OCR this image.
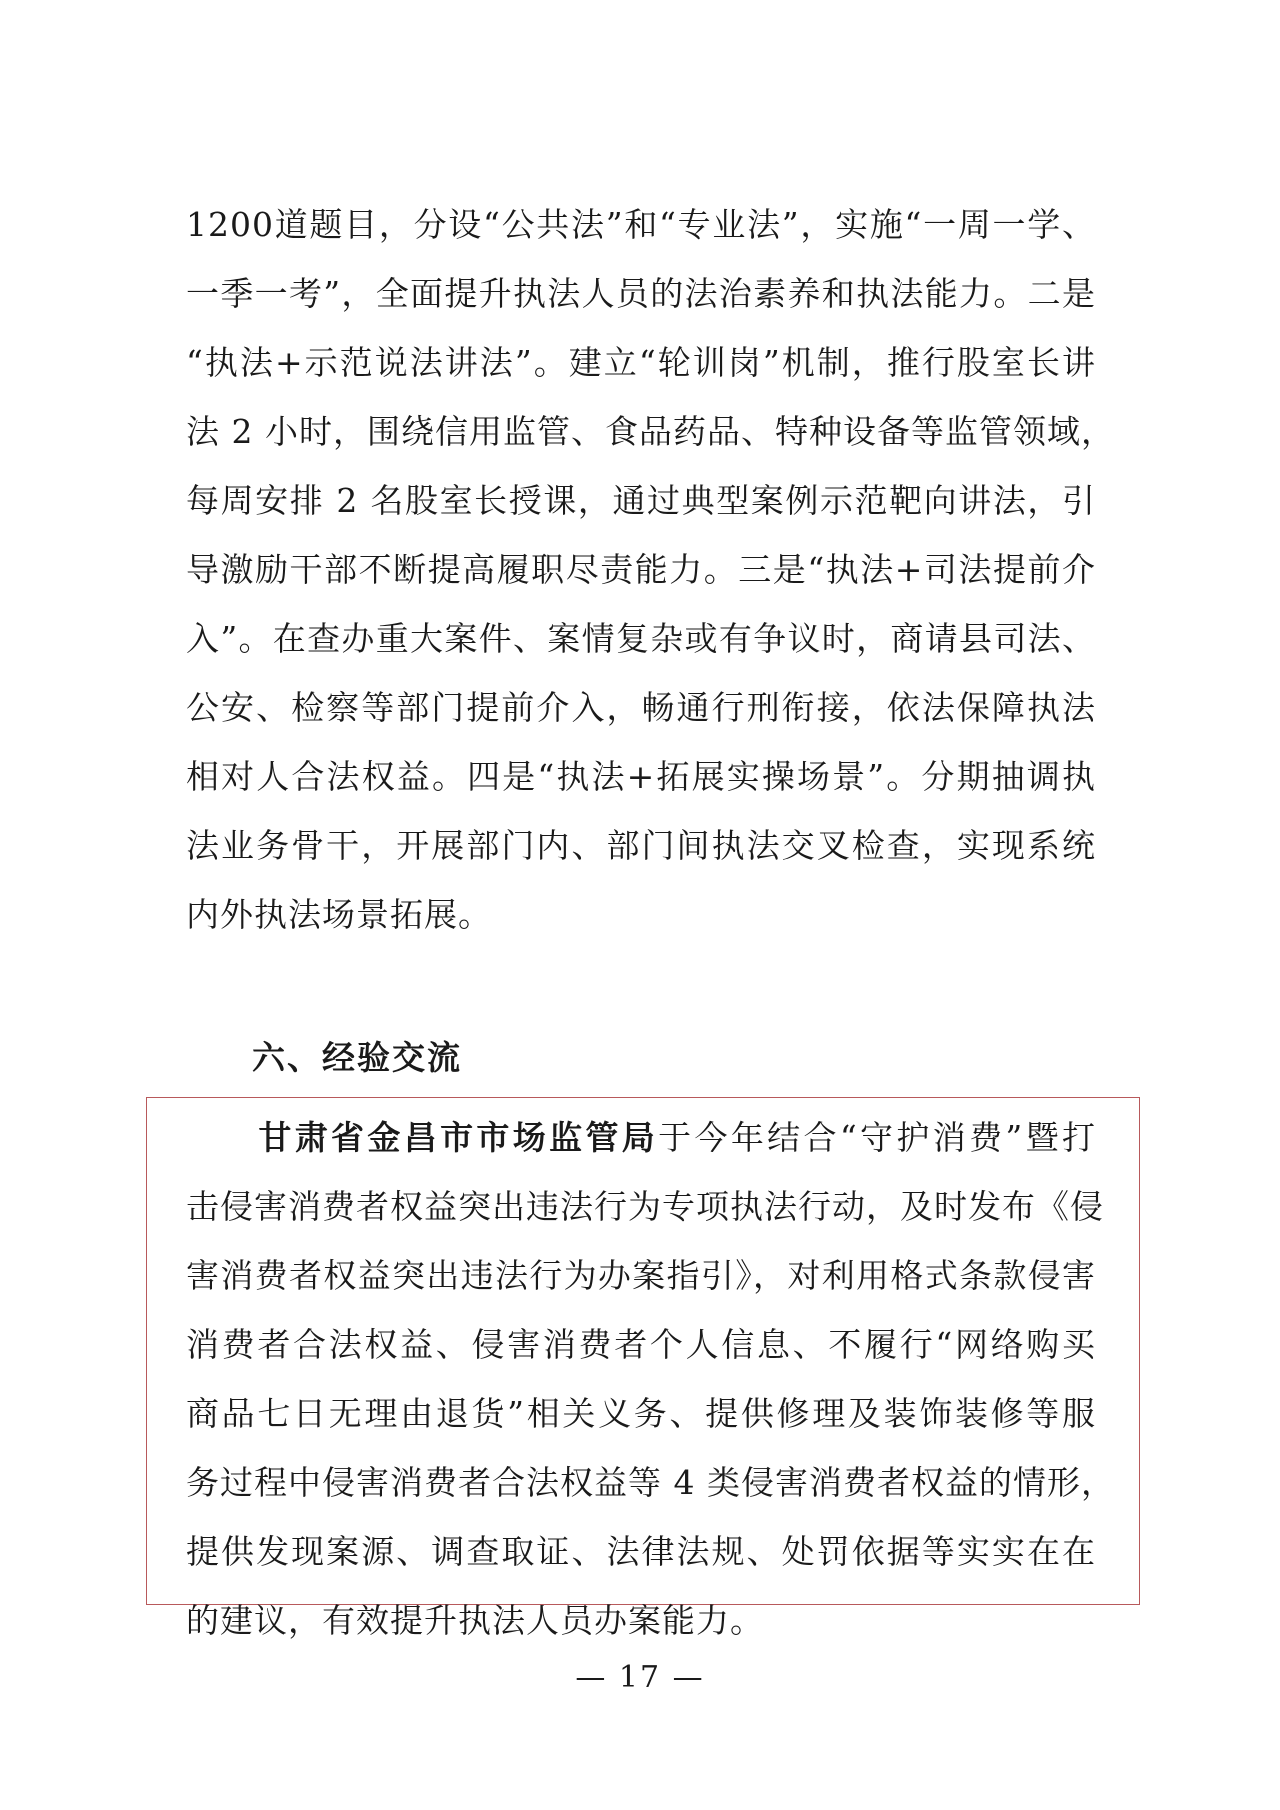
1200道题目，分设“公共法”和“专业法”，实施“一周一学、
一季一考”，全面提升执法人员的法治素养和执法能力。二是
“执法+示范说法讲法”。建立“轮训岗”机制，推行股室长讲
法 2 小时，围绕信用监管、食品药品、特种设备等监管领域，
每周安排 2 名股室长授课，通过典型案例示范靶向讲法，引
导激励干部不断提高履职尽责能力。三是“执法+司法提前介
入”。在查办重大案件、案情复杂或有争议时，商请县司法、
公安、检察等部门提前介入，畅通行刑衔接，依法保障执法
相对人合法权益。四是“执法+拓展实操场景”。分期抽调执
法业务骨干，开展部门内、部门间执法交叉检查，实现系统
内外执法场景拓展。
六、经验交流
甘肃省金昌市市场监管局于今年结合“守护消费”暨打
击侵害消费者权益突出违法行为专项执法行动，及时发布《侵
害消费者权益突出违法行为办案指引》，对利用格式条款侵害
消费者合法权益、侵害消费者个人信息、不履行“网络购买
商品七日无理由退货”相关义务、提供修理及装饰装修等服
务过程中侵害消费者合法权益等 4 类侵害消费者权益的情形，
提供发现案源、调查取证、法律法规、处罚依据等实实在在
的建议，有效提升执法人员办案能力。
— 17 —
